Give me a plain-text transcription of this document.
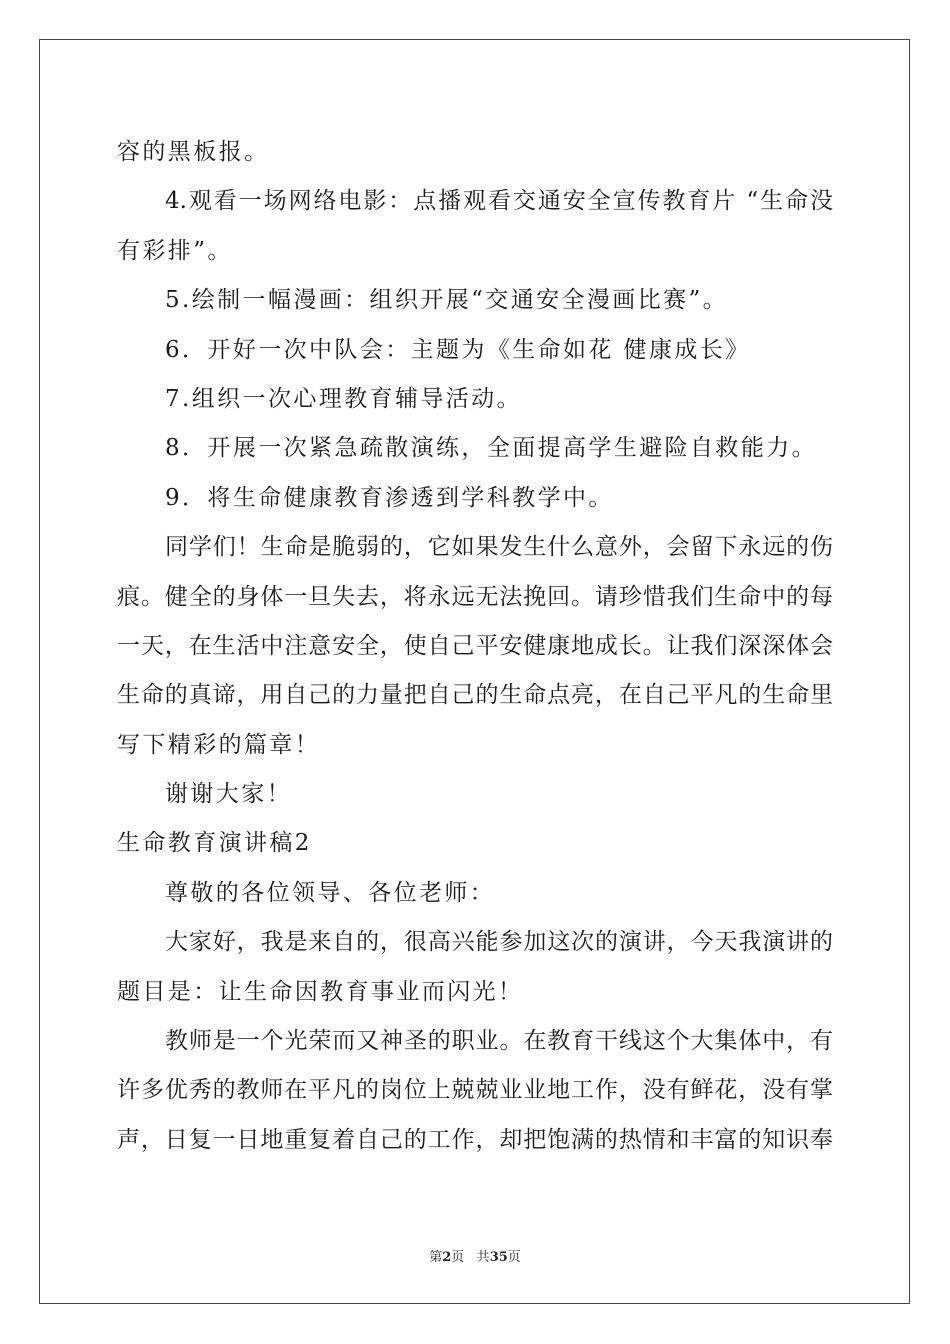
容的黑板报。
4.观看一场网络电影：点播观看交通安全宣传教育片 “生命没
有彩排”。
5.绘制一幅漫画：组织开展“交通安全漫画比赛”。
6．开好一次中队会：主题为《生命如花 健康成长》
7.组织一次心理教育辅导活动。
8．开展一次紧急疏散演练，全面提高学生避险自救能力。
9．将生命健康教育渗透到学科教学中。
同学们！生命是脆弱的，它如果发生什么意外，会留下永远的伤
痕。健全的身体一旦失去，将永远无法挽回。请珍惜我们生命中的每
一天，在生活中注意安全，使自己平安健康地成长。让我们深深体会
生命的真谛，用自己的力量把自己的生命点亮，在自己平凡的生命里
写下精彩的篇章！
谢谢大家！
生命教育演讲稿2
尊敬的各位领导、各位老师：
大家好，我是来自的，很高兴能参加这次的演讲，今天我演讲的
题目是：让生命因教育事业而闪光！
教师是一个光荣而又神圣的职业。在教育干线这个大集体中，有
许多优秀的教师在平凡的岗位上兢兢业业地工作，没有鲜花，没有掌
声，日复一日地重复着自己的工作，却把饱满的热情和丰富的知识奉
第2页 共35页
